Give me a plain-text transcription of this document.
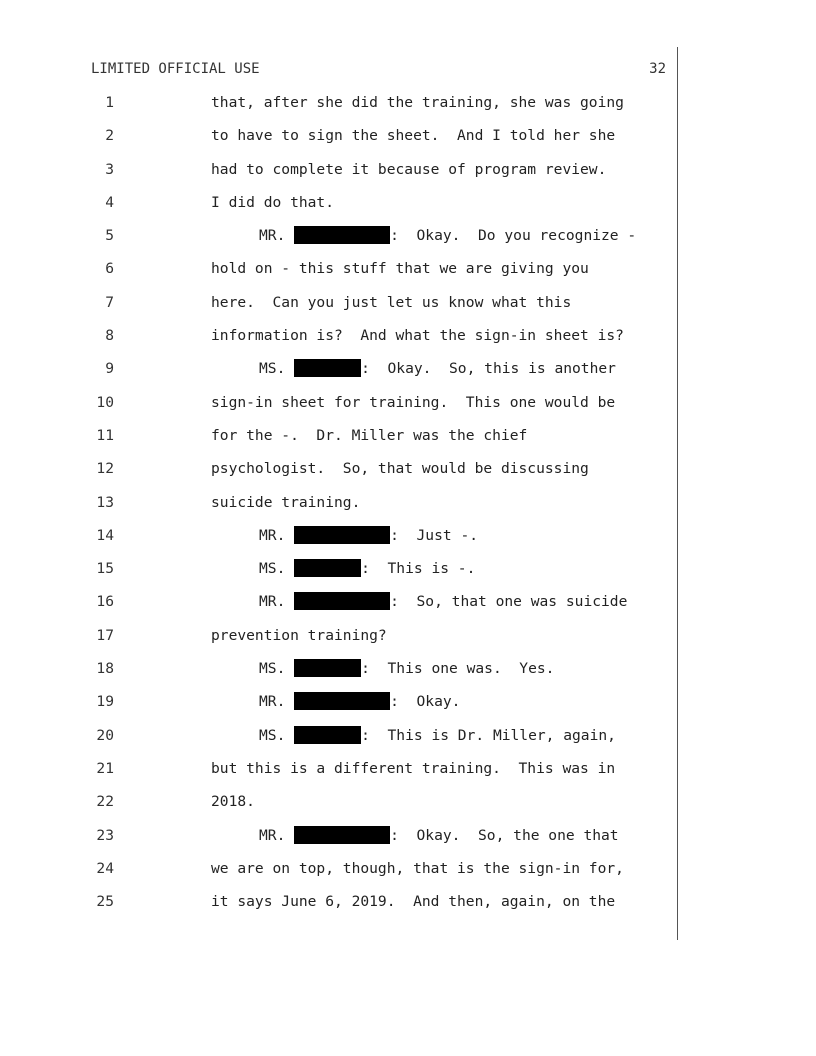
LIMITED OFFICIAL USE	32
1	that, after she did the training, she was going
2	to have to sign the sheet.  And I told her she
3	had to complete it because of program review.
4	I did do that.
5	MR.	:  Okay.  Do you recognize -
6	hold on - this stuff that we are giving you
7	here.  Can you just let us know what this
8	information is?  And what the sign-in sheet is?
9	MS.	:  Okay.  So, this is another
10	sign-in sheet for training.  This one would be
11	for the -.  Dr. Miller was the chief
12	psychologist.  So, that would be discussing
13	suicide training.
14	MR.	:  Just -.
15	MS.	:  This is -.
16	MR.	:  So, that one was suicide
17	prevention training?
18	MS.	:  This one was.  Yes.
19	MR.	:  Okay.
20	MS.	:  This is Dr. Miller, again,
21	but this is a different training.  This was in
22	2018.
23	MR.	:  Okay.  So, the one that
24	we are on top, though, that is the sign-in for,
25	it says June 6, 2019.  And then, again, on the
